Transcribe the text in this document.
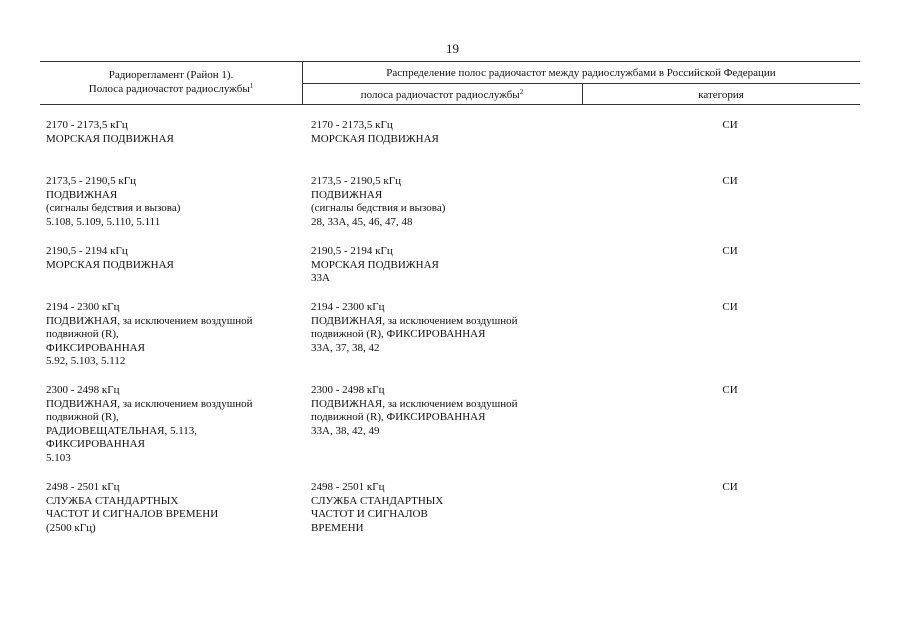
19
Радиорегламент (Район 1).
Полоса радиочастот радиослужбы$^1$
Распределение полос радиочастот между радиослужбами в Российской Федерации
полоса радиочастот радиослужбы$^2$	категория
2170 - 2173,5 кГц
МОРСКАЯ ПОДВИЖНАЯ
2170 - 2173,5 кГц
МОРСКАЯ ПОДВИЖНАЯ
СИ
2173,5 - 2190,5 кГц
ПОДВИЖНАЯ
(сигналы бедствия и вызова)
5.108, 5.109, 5.110, 5.111
2173,5 - 2190,5 кГц
ПОДВИЖНАЯ
(сигналы бедствия и вызова)
28, 33А, 45, 46, 47, 48
СИ
2190,5 - 2194 кГц
МОРСКАЯ ПОДВИЖНАЯ
2190,5 - 2194 кГц
МОРСКАЯ ПОДВИЖНАЯ
33А
СИ
2194 - 2300 кГц
ПОДВИЖНАЯ, за исключением воздушной
подвижной (R),
ФИКСИРОВАННАЯ
5.92, 5.103, 5.112
2194 - 2300 кГц
ПОДВИЖНАЯ, за исключением воздушной
подвижной (R), ФИКСИРОВАННАЯ
33А, 37, 38, 42
СИ
2300 - 2498 кГц
ПОДВИЖНАЯ, за исключением воздушной
подвижной (R),
РАДИОВЕЩАТЕЛЬНАЯ, 5.113,
ФИКСИРОВАННАЯ
5.103
2300 - 2498 кГц
ПОДВИЖНАЯ, за исключением воздушной
подвижной (R), ФИКСИРОВАННАЯ
33А, 38, 42, 49
СИ
2498 - 2501 кГц
СЛУЖБА СТАНДАРТНЫХ
ЧАСТОТ И СИГНАЛОВ ВРЕМЕНИ
(2500 кГц)
2498 - 2501 кГц
СЛУЖБА СТАНДАРТНЫХ
ЧАСТОТ И СИГНАЛОВ
ВРЕМЕНИ
СИ
